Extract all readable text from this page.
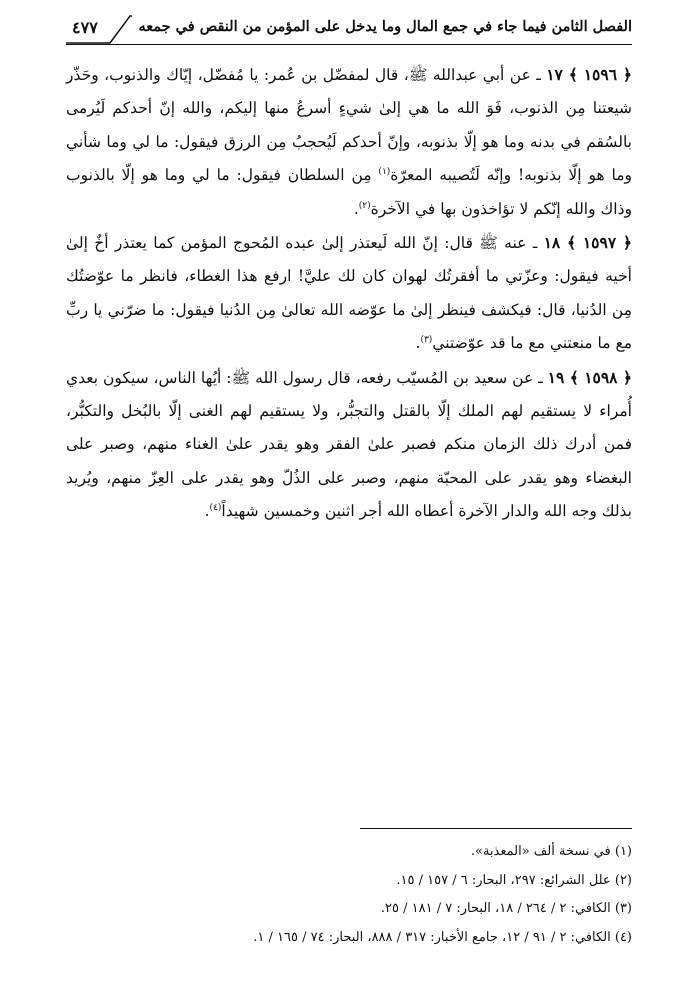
الفصل الثامن فيما جاء في جمع المال وما يدخل على المؤمن من النقص في جمعه
٤٧٧

﴿ ١٥٩٦ ﴾ ١٧ ـ عن أبي عبدالله ﷺ، قال لمفضّل بن عُمر: يا مُفضّل، إيّاك والذنوب، وحَذّر شيعتنا مِن الذنوب، فَوَ الله ما هي إلىٰ شيءٍ أسرعُ منها إليكم، والله إنّ أحدكم لَيُرمى بالسُقم في بدنه وما هو إلّا بذنوبه، وإنّ أحدكم لَيُحجبُ مِن الرزق فيقول: ما لي وما شأني وما هو إلّا بذنوبه! وإنّه لَتُصيبه المعرّة$^{(١)}$ مِن السلطان فيقول: ما لي وما هو إلّا بالذنوب وذاك والله إنّكم لا تؤاخذون بها في الآخرة$^{(٢)}$.

﴿ ١٥٩٧ ﴾ ١٨ ـ عنه ﷺ قال: إنّ الله لَيعتذر إلىٰ عبده المُحوج المؤمن كما يعتذر أخٌ إلىٰ أخيه فيقول: وعزّتي ما أفقرتُك لهوان كان لك عليَّ! ارفع هذا الغطاء، فانظر ما عوّضتُك مِن الدُنيا، قال: فيكشف فينظر إلىٰ ما عوّضه الله تعالىٰ مِن الدُنيا فيقول: ما ضرّني يا ربِّ مع ما منعتني مع ما قد عوّضتني$^{(٣)}$.

﴿ ١٥٩٨ ﴾ ١٩ ـ عن سعيد بن المُسيّب رفعه، قال رسول الله ﷺ: أيُها الناس، سيكون بعدي أُمراء لا يستقيم لهم الملك إلّا بالقتل والتجبُّر، ولا يستقيم لهم الغنى إلّا بالبُخل والتكبُّر، فمن أدرك ذلك الزمان منكم فصبر علىٰ الفقر وهو يقدر علىٰ الغناء منهم، وصبر على البغضاء وهو يقدر على المحبّة منهم، وصبر على الذُلّ وهو يقدر على العِزّ منهم، ويُريد بذلك وجه الله والدار الآخرة أعطاه الله أجر اثنين وخمسين شهيداً$^{(٤)}$.

(١) في نسخة ألف «المعذبة».

(٢) علل الشرائع: ٢٩٧، البحار: ٦ / ١٥٧ / ١٥.

(٣) الكافي: ٢ / ٢٦٤ / ١٨، البحار: ٧ / ١٨١ / ٢٥.

(٤) الكافي: ٢ / ٩١ / ١٢، جامع الأخبار: ٣١٧ / ٨٨٨، البحار: ٧٤ / ١٦٥ / ١.
